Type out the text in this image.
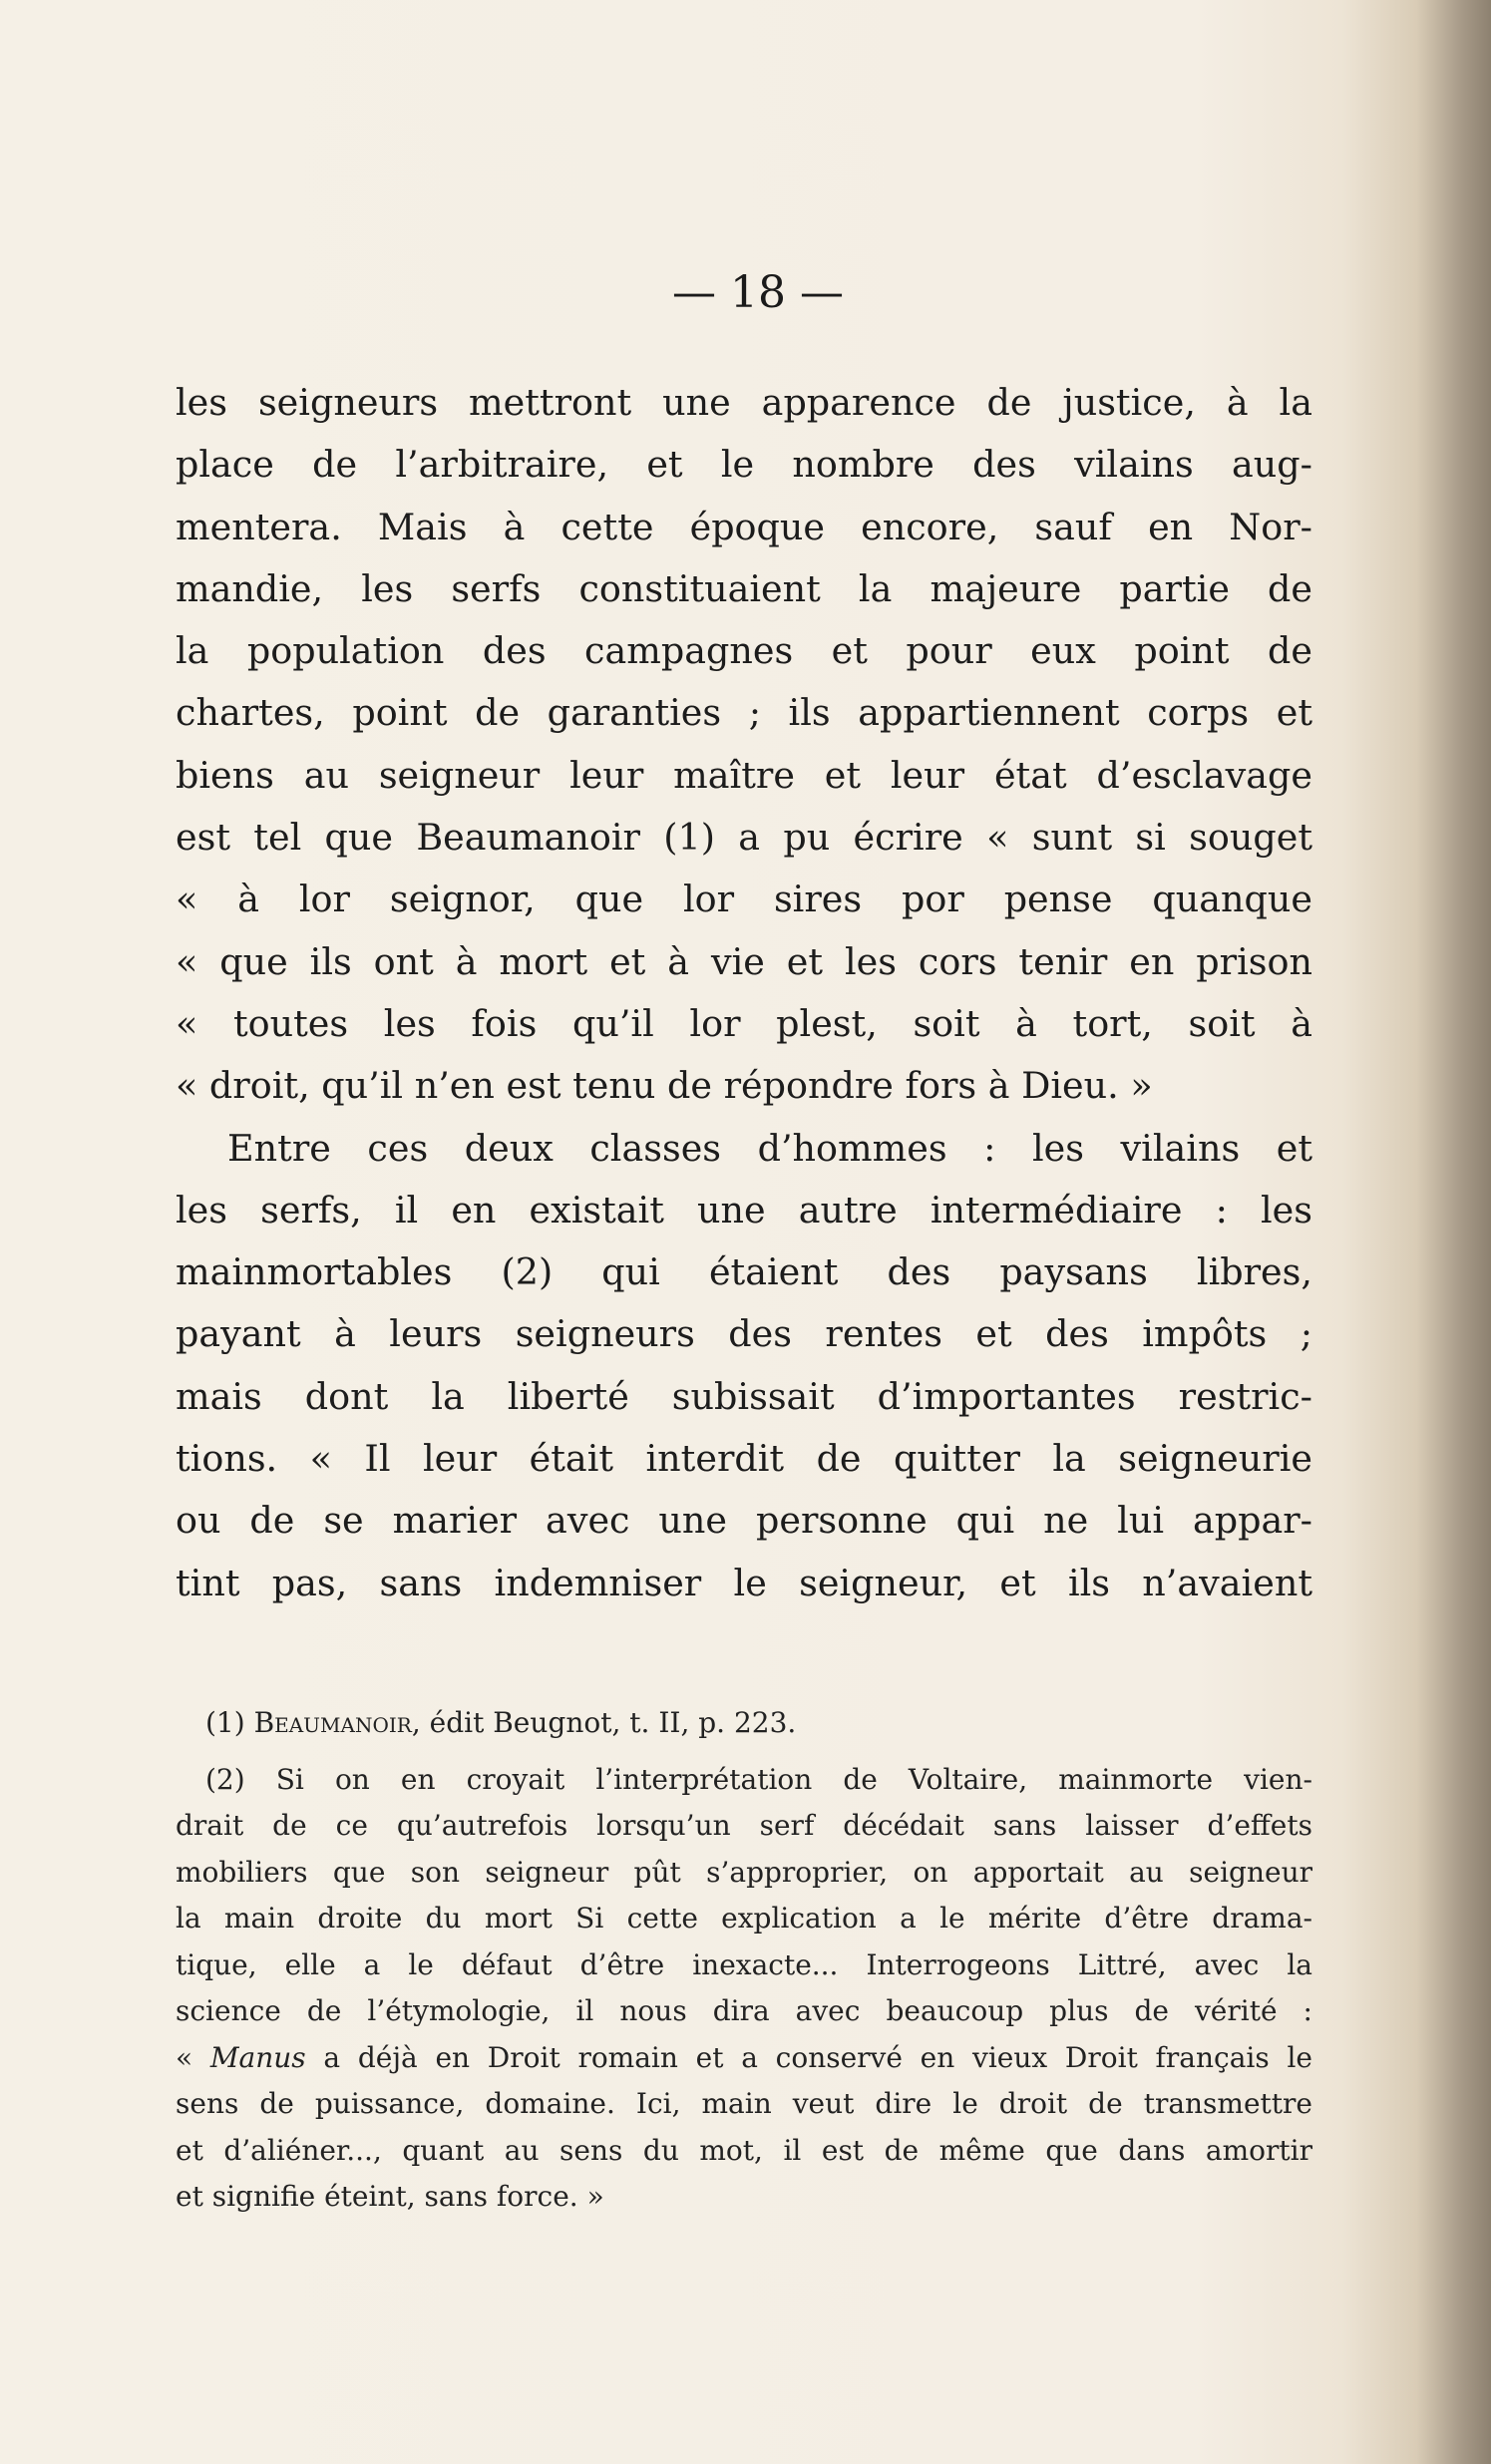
— 18 —

les seigneurs mettront une apparence de justice, à la
place de l’arbitraire, et le nombre des vilains aug-
mentera. Mais à cette époque encore, sauf en Nor-
mandie, les serfs constituaient la majeure partie de
la population des campagnes et pour eux point de
chartes, point de garanties ; ils appartiennent corps et
biens au seigneur leur maître et leur état d’esclavage
est tel que Beaumanoir (1) a pu écrire « sunt si souget
« à lor seignor, que lor sires por pense quanque
« que ils ont à mort et à vie et les cors tenir en prison
« toutes les fois qu’il lor plest, soit à tort, soit à
« droit, qu’il n’en est tenu de répondre fors à Dieu. »
Entre ces deux classes d’hommes : les vilains et
les serfs, il en existait une autre intermédiaire : les
mainmortables (2) qui étaient des paysans libres,
payant à leurs seigneurs des rentes et des impôts ;
mais dont la liberté subissait d’importantes restric-
tions. « Il leur était interdit de quitter la seigneurie
ou de se marier avec une personne qui ne lui appar-
tint pas, sans indemniser le seigneur, et ils n’avaient
(1) Beaumanoir, édit Beugnot, t. II, p. 223.
(2) Si on en croyait l’interprétation de Voltaire, mainmorte vien-
drait de ce qu’autrefois lorsqu’un serf décédait sans laisser d’effets
mobiliers que son seigneur pût s’approprier, on apportait au seigneur
la main droite du mort Si cette explication a le mérite d’être drama-
tique, elle a le défaut d’être inexacte... Interrogeons Littré, avec la
science de l’étymologie, il nous dira avec beaucoup plus de vérité :
« Manus a déjà en Droit romain et a conservé en vieux Droit français le
sens de puissance, domaine. Ici, main veut dire le droit de transmettre
et d’aliéner..., quant au sens du mot, il est de même que dans amortir
et signifie éteint, sans force. »
